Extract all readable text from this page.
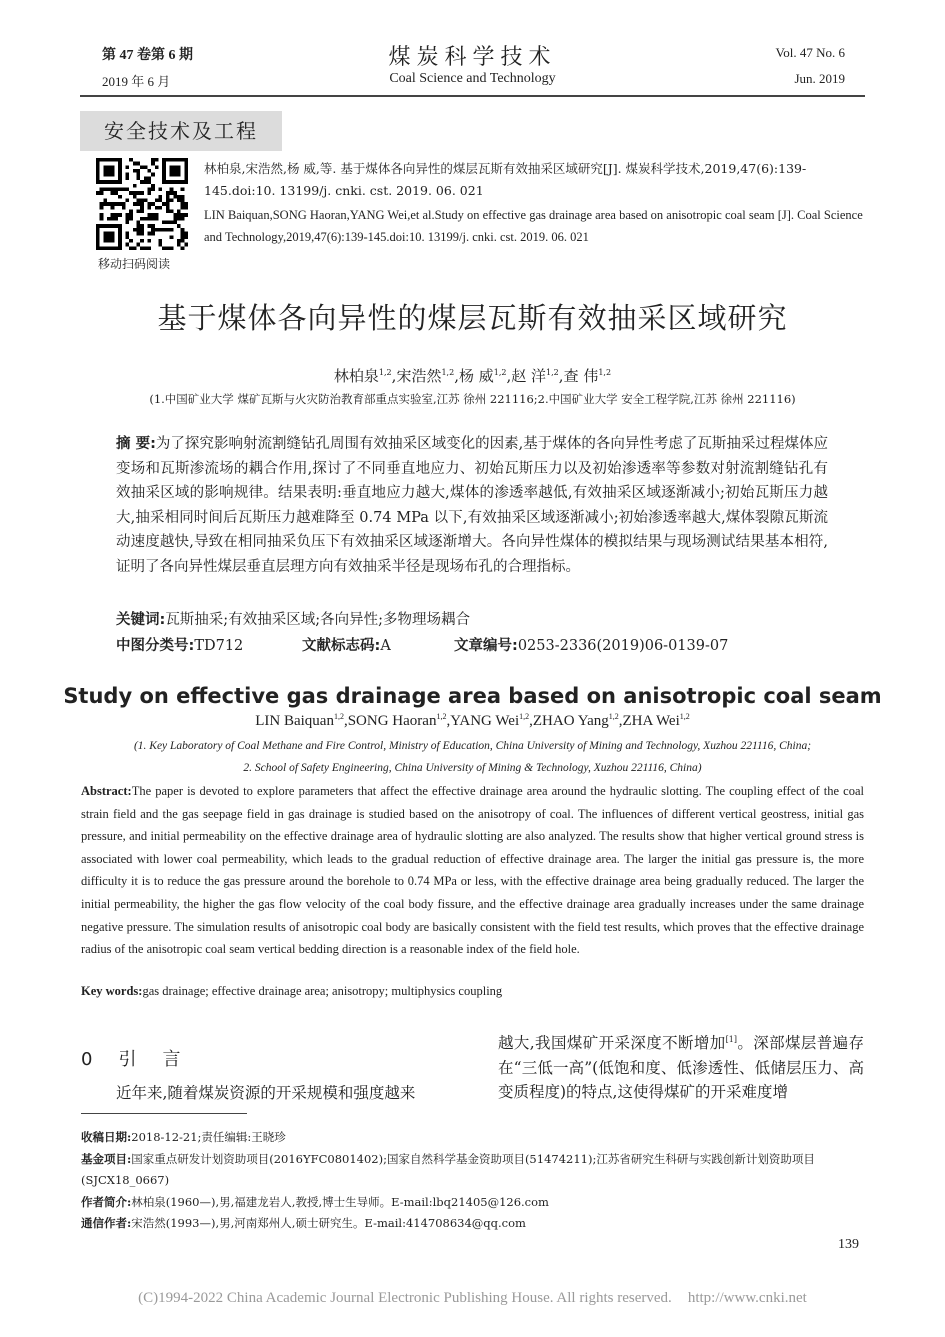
第 47 卷第 6 期
2019 年 6 月
煤炭科学技术
Coal Science and Technology
Vol. 47 No. 6
Jun. 2019
安全技术及工程
移动扫码阅读
林柏泉,宋浩然,杨 威,等. 基于煤体各向异性的煤层瓦斯有效抽采区域研究[J]. 煤炭科学技术,2019,47(6):139-145.doi:10. 13199/j. cnki. cst. 2019. 06. 021
LIN Baiquan,SONG Haoran,YANG Wei,et al.Study on effective gas drainage area based on anisotropic coal seam [J]. Coal Science and Technology,2019,47(6):139-145.doi:10. 13199/j. cnki. cst. 2019. 06. 021
基于煤体各向异性的煤层瓦斯有效抽采区域研究
林柏泉$^{1,2}$,宋浩然$^{1,2}$,杨 威$^{1,2}$,赵 洋$^{1,2}$,查 伟$^{1,2}$
(1.中国矿业大学 煤矿瓦斯与火灾防治教育部重点实验室,江苏 徐州 221116;2.中国矿业大学 安全工程学院,江苏 徐州 221116)
摘 要:为了探究影响射流割缝钻孔周围有效抽采区域变化的因素,基于煤体的各向异性考虑了瓦斯抽采过程煤体应变场和瓦斯渗流场的耦合作用,探讨了不同垂直地应力、初始瓦斯压力以及初始渗透率等参数对射流割缝钻孔有效抽采区域的影响规律。结果表明:垂直地应力越大,煤体的渗透率越低,有效抽采区域逐渐减小;初始瓦斯压力越大,抽采相同时间后瓦斯压力越难降至 0.74 MPa 以下,有效抽采区域逐渐减小;初始渗透率越大,煤体裂隙瓦斯流动速度越快,导致在相同抽采负压下有效抽采区域逐渐增大。各向异性煤体的模拟结果与现场测试结果基本相符,证明了各向异性煤层垂直层理方向有效抽采半径是现场布孔的合理指标。
关键词:瓦斯抽采;有效抽采区域;各向异性;多物理场耦合
中图分类号:TD712	文献标志码:A	文章编号:0253-2336(2019)06-0139-07
Study on effective gas drainage area based on anisotropic coal seam
LIN Baiquan$^{1,2}$,SONG Haoran$^{1,2}$,YANG Wei$^{1,2}$,ZHAO Yang$^{1,2}$,ZHA Wei$^{1,2}$
(1. Key Laboratory of Coal Methane and Fire Control, Ministry of Education, China University of Mining and Technology, Xuzhou 221116, China;
2. School of Safety Engineering, China University of Mining & Technology, Xuzhou 221116, China)
Abstract:The paper is devoted to explore parameters that affect the effective drainage area around the hydraulic slotting. The coupling effect of the coal strain field and the gas seepage field in gas drainage is studied based on the anisotropy of coal. The influences of different vertical geostress, initial gas pressure, and initial permeability on the effective drainage area of hydraulic slotting are also analyzed. The results show that higher vertical ground stress is associated with lower coal permeability, which leads to the gradual reduction of effective drainage area. The larger the initial gas pressure is, the more difficulty it is to reduce the gas pressure around the borehole to 0.74 MPa or less, with the effective drainage area being gradually reduced. The larger the initial permeability, the higher the gas flow velocity of the coal body fissure, and the effective drainage area gradually increases under the same drainage negative pressure. The simulation results of anisotropic coal body are basically consistent with the field test results, which proves that the effective drainage radius of the anisotropic coal seam vertical bedding direction is a reasonable index of the field hole.
Key words:gas drainage; effective drainage area; anisotropy; multiphysics coupling
0 引 言
近年来,随着煤炭资源的开采规模和强度越来
越大,我国煤矿开采深度不断增加[1]。深部煤层普遍存在“三低一高”(低饱和度、低渗透性、低储层压力、高变质程度)的特点,这使得煤矿的开采难度增
收稿日期:2018-12-21;责任编辑:王晓珍
基金项目:国家重点研发计划资助项目(2016YFC0801402);国家自然科学基金资助项目(51474211);江苏省研究生科研与实践创新计划资助项目(SJCX18_0667)
作者简介:林柏泉(1960—),男,福建龙岩人,教授,博士生导师。E-mail:lbq21405@126.com
通信作者:宋浩然(1993—),男,河南郑州人,硕士研究生。E-mail:414708634@qq.com
139
(C)1994-2022 China Academic Journal Electronic Publishing House. All rights reserved. http://www.cnki.net
